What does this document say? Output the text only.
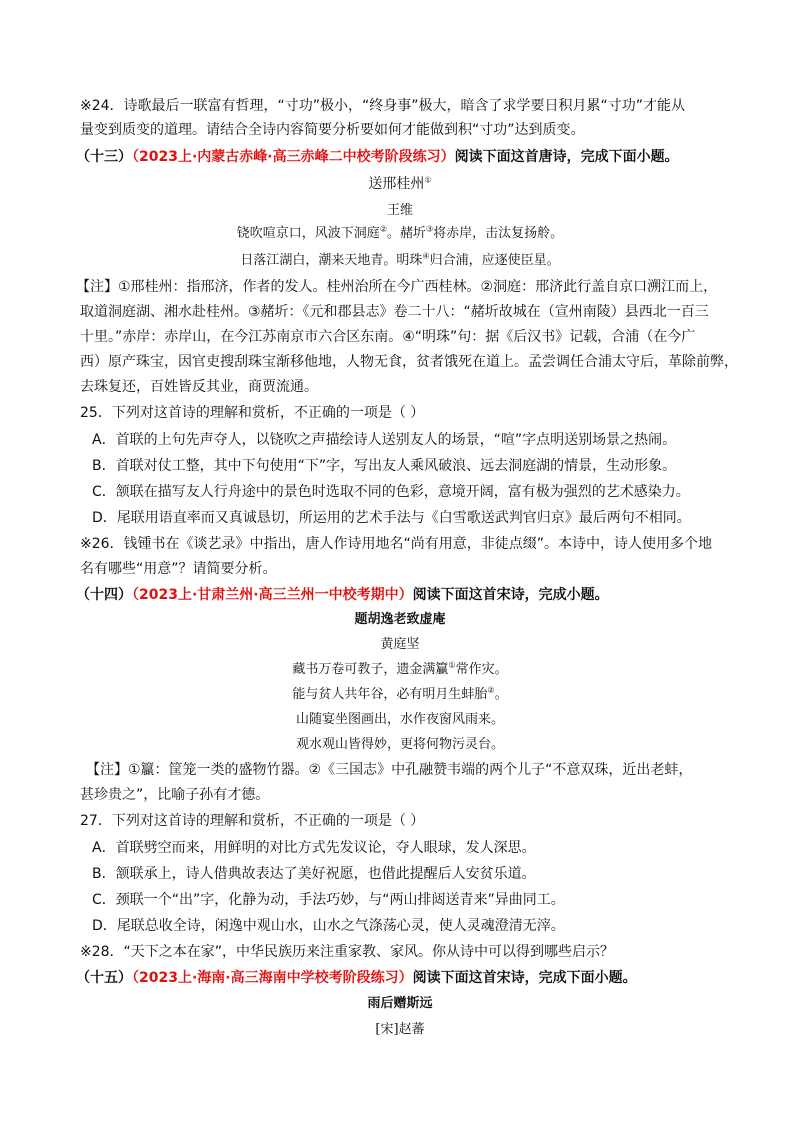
※24．诗歌最后一联富有哲理，“寸功”极小，“终身事”极大，暗含了求学要日积月累“寸功”才能从
量变到质变的道理。请结合全诗内容简要分析要如何才能做到积“寸功”达到质变。
（十三）（2023上·内蒙古赤峰·高三赤峰二中校考阶段练习）阅读下面这首唐诗，完成下面小题。
送邢桂州①
王维
铙吹喧京口，风波下洞庭②。赭圻③将赤岸，击汰复扬舲。
日落江湖白，潮来天地青。明珠④归合浦，应逐使臣星。
【注】①邢桂州：指邢济，作者的发人。桂州治所在今广西桂林。②洞庭：邢济此行盖自京口溯江而上，
取道洞庭湖、湘水赴桂州。③赭圻：《元和郡县志》卷二十八：“赭圻故城在（宣州南陵）县西北一百三
十里。”赤岸：赤岸山，在今江苏南京市六合区东南。④“明珠”句：据《后汉书》记载，合浦（在今广
西）原产珠宝，因官吏搜刮珠宝渐移他地，人物无食，贫者饿死在道上。孟尝调任合浦太守后，革除前弊，
去珠复还，百姓皆反其业，商贾流通。
25．下列对这首诗的理解和赏析，不正确的一项是（ ）
A．首联的上句先声夺人，以铙吹之声描绘诗人送别友人的场景，“喧”字点明送别场景之热闹。
B．首联对仗工整，其中下句使用“下”字，写出友人乘风破浪、远去洞庭湖的情景，生动形象。
C．颔联在描写友人行舟途中的景色时选取不同的色彩，意境开阔，富有极为强烈的艺术感染力。
D．尾联用语直率而又真诚恳切，所运用的艺术手法与《白雪歌送武判官归京》最后两句不相同。
※26．钱锺书在《谈艺录》中指出，唐人作诗用地名“尚有用意，非徒点缀”。本诗中，诗人使用多个地
名有哪些“用意”？请简要分析。
（十四）（2023上·甘肃兰州·高三兰州一中校考期中）阅读下面这首宋诗，完成小题。
题胡逸老致虚庵
黄庭坚
藏书万卷可教子，遗金满籯①常作灾。
能与贫人共年谷，必有明月生蚌胎②。
山随宴坐图画出，水作夜窗风雨来。
观水观山皆得妙，更将何物污灵台。
【注】①籯：筐笼一类的盛物竹器。②《三国志》中孔融赞韦端的两个儿子“不意双珠，近出老蚌，
甚珍贵之”，比喻子孙有才德。
27．下列对这首诗的理解和赏析，不正确的一项是（ ）
A．首联劈空而来，用鲜明的对比方式先发议论，夺人眼球，发人深思。
B．颔联承上，诗人借典故表达了美好祝愿，也借此提醒后人安贫乐道。
C．颈联一个“出”字，化静为动，手法巧妙，与“两山排闼送青来”异曲同工。
D．尾联总收全诗，闲逸中观山水，山水之气涤荡心灵，使人灵魂澄清无滓。
※28．“天下之本在家”，中华民族历来注重家教、家风。你从诗中可以得到哪些启示？
（十五）（2023上·海南·高三海南中学校考阶段练习）阅读下面这首宋诗，完成下面小题。
雨后赠斯远
[宋]赵蕃
